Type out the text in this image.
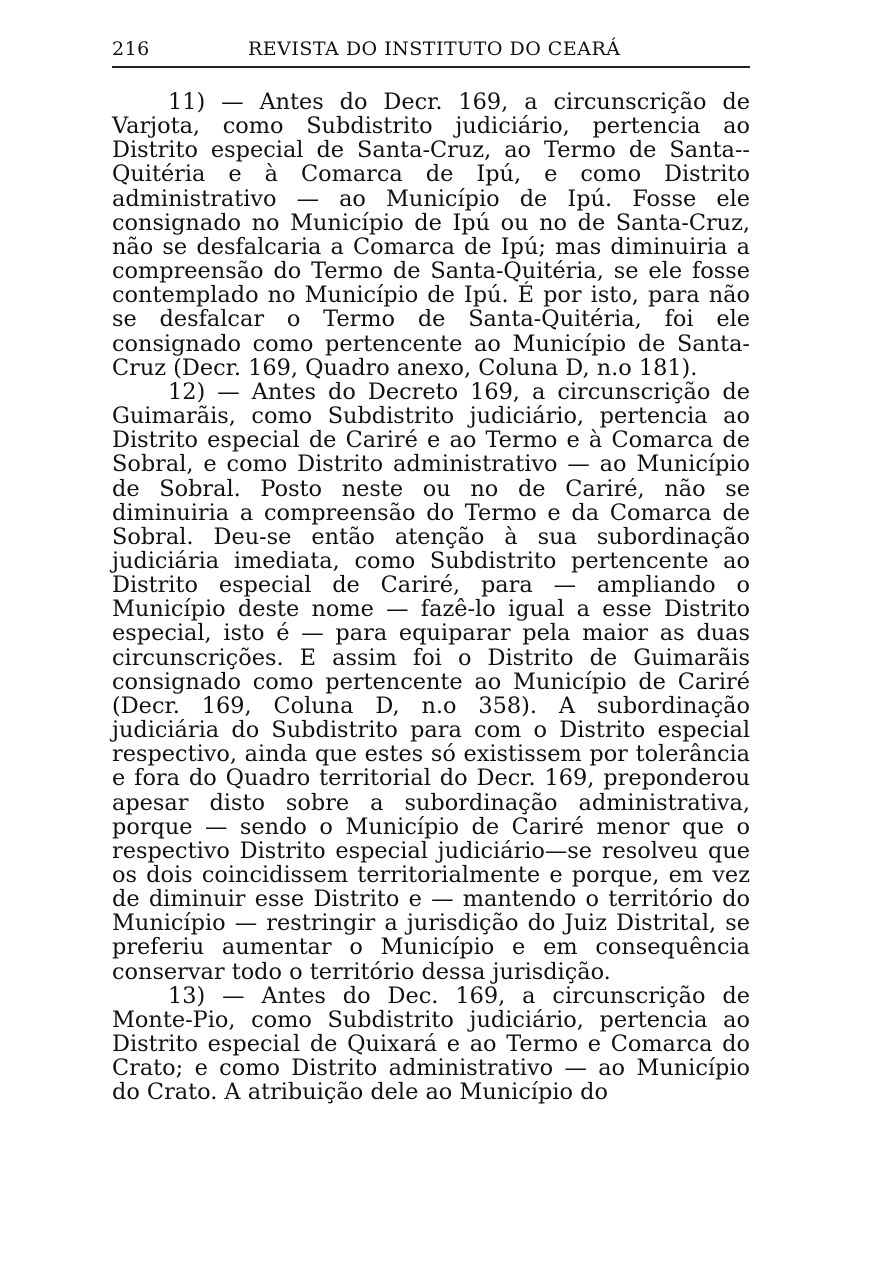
216	REVISTA DO INSTITUTO DO CEARÁ

11) — Antes do Decr. 169, a circunscrição de Varjota, como Subdistrito judiciário, pertencia ao Distrito especial de Santa-Cruz, ao Termo de Santa--Quitéria e à Comarca de Ipú, e como Distrito administrativo — ao Município de Ipú. Fosse ele consignado no Município de Ipú ou no de Santa-Cruz, não se desfalcaria a Comarca de Ipú; mas diminuiria a compreensão do Termo de Santa-Quitéria, se ele fosse contemplado no Município de Ipú. É por isto, para não se desfalcar o Termo de Santa-Quitéria, foi ele consignado como pertencente ao Município de Santa-Cruz (Decr. 169, Quadro anexo, Coluna D, n.o 181).

12) — Antes do Decreto 169, a circunscrição de Guimarãis, como Subdistrito judiciário, pertencia ao Distrito especial de Cariré e ao Termo e à Comarca de Sobral, e como Distrito administrativo — ao Município de Sobral. Posto neste ou no de Cariré, não se diminuiria a compreensão do Termo e da Comarca de Sobral. Deu-se então atenção à sua subordinação judiciária imediata, como Subdistrito pertencente ao Distrito especial de Cariré, para — ampliando o Município deste nome — fazê-lo igual a esse Distrito especial, isto é — para equiparar pela maior as duas circunscrições. E assim foi o Distrito de Guimarãis consignado como pertencente ao Município de Cariré (Decr. 169, Coluna D, n.o 358). A subordinação judiciária do Subdistrito para com o Distrito especial respectivo, ainda que estes só existissem por tolerância e fora do Quadro territorial do Decr. 169, preponderou apesar disto sobre a subordinação administrativa, porque — sendo o Município de Cariré menor que o respectivo Distrito especial judiciário—se resolveu que os dois coincidissem territorialmente e porque, em vez de diminuir esse Distrito e — mantendo o território do Município — restringir a jurisdição do Juiz Distrital, se preferiu aumentar o Município e em consequência conservar todo o território dessa jurisdição.

13) — Antes do Dec. 169, a circunscrição de Monte-Pio, como Subdistrito judiciário, pertencia ao Distrito especial de Quixará e ao Termo e Comarca do Crato; e como Distrito administrativo — ao Município do Crato. A atribuição dele ao Município do
